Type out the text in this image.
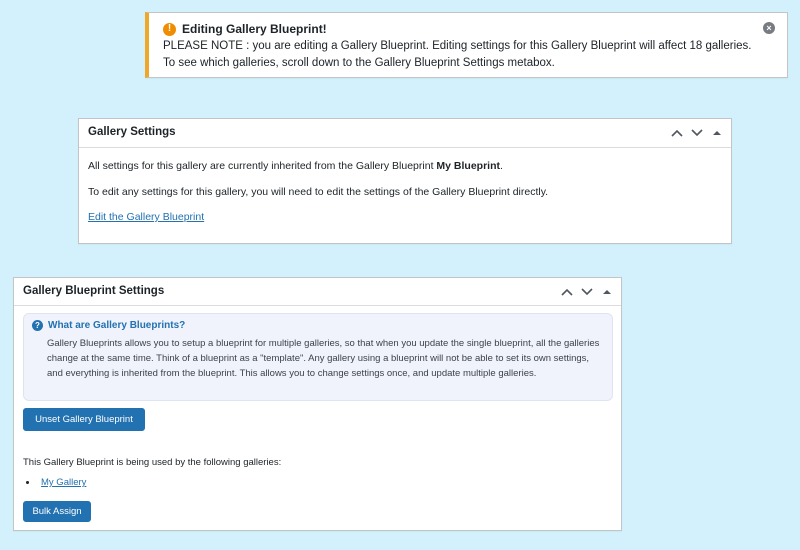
! Editing Gallery Blueprint!
PLEASE NOTE : you are editing a Gallery Blueprint. Editing settings for this Gallery Blueprint will affect 18 galleries.
To see which galleries, scroll down to the Gallery Blueprint Settings metabox.
×
Gallery Settings
All settings for this gallery are currently inherited from the Gallery Blueprint My Blueprint.
To edit any settings for this gallery, you will need to edit the settings of the Gallery Blueprint directly.
Edit the Gallery Blueprint
Gallery Blueprint Settings
? What are Gallery Blueprints?
Gallery Blueprints allows you to setup a blueprint for multiple galleries, so that when you update the single blueprint, all the galleries change at the same time. Think of a blueprint as a "template". Any gallery using a blueprint will not be able to set its own settings, and everything is inherited from the blueprint. This allows you to change settings once, and update multiple galleries.
Unset Gallery Blueprint
This Gallery Blueprint is being used by the following galleries:
My Gallery
Bulk Assign
